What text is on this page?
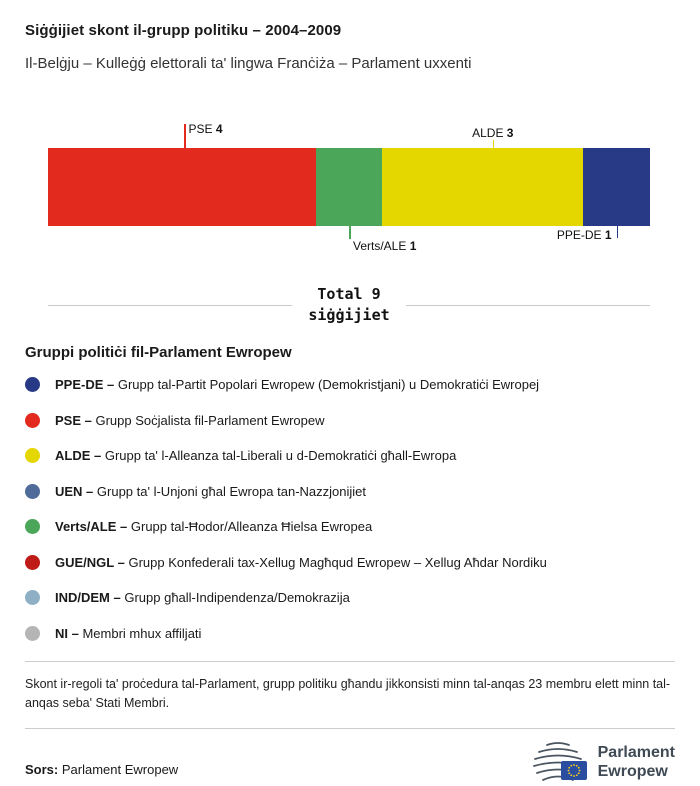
Siġġijiet skont il-grupp politiku – 2004–2009

Il-Belġju – Kulleġġ elettorali ta' lingwa Franċiża – Parlament uxxenti

PSE 4
Verts/ALE 1
ALDE 3
PPE-DE 1
Total 9
siġġijiet
Gruppi politiċi fil-Parlament Ewropew
PPE-DE – Grupp tal-Partit Popolari Ewropew (Demokristjani) u Demokratiċi Ewropej
PSE – Grupp Soċjalista fil-Parlament Ewropew
ALDE – Grupp ta' l-Alleanza tal-Liberali u d-Demokratiċi għall-Ewropa
UEN – Grupp ta' l-Unjoni għal Ewropa tan-Nazzjonijiet
Verts/ALE – Grupp tal-Ħodor/Alleanza Ħielsa Ewropea
GUE/NGL – Grupp Konfederali tax-Xellug Magħqud Ewropew – Xellug Aħdar Nordiku
IND/DEM – Grupp għall-Indipendenza/Demokrazija
NI – Membri mhux affiljati

Skont ir-regoli ta' proċedura tal-Parlament, grupp politiku għandu jikkonsisti minn tal-anqas 23 membru elett minn tal-anqas seba' Stati Membri.

Sors: Parlament Ewropew
Parlament
Ewropew
